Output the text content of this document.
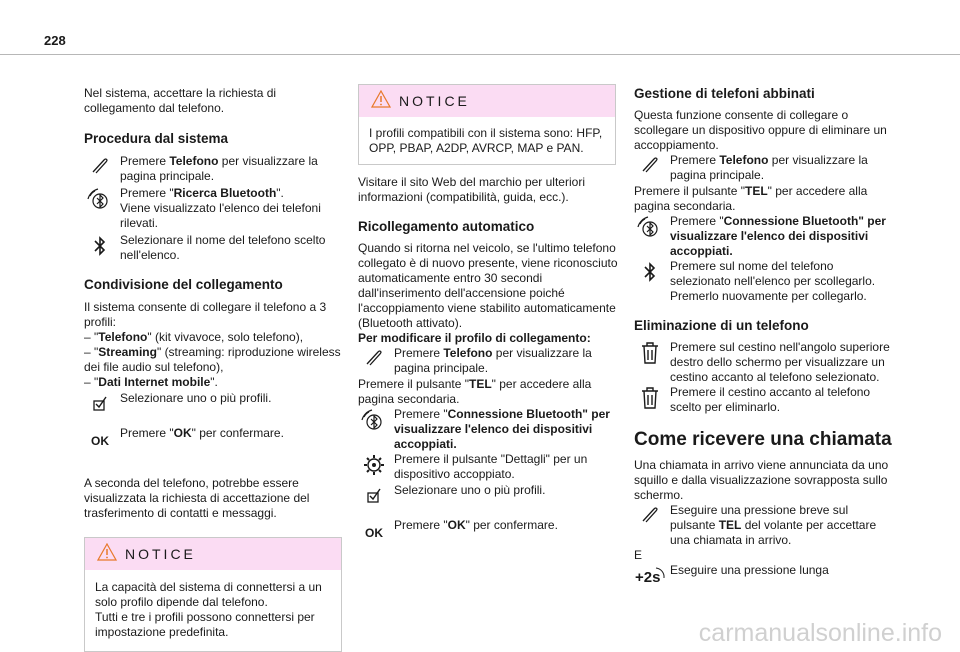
228

Nel sistema, accettare la richiesta di collegamento dal telefono.

Procedura dal sistema
Premere Telefono per visualizzare la pagina principale.
Premere "Ricerca Bluetooth".
Viene visualizzato l'elenco dei telefoni rilevati.
Selezionare il nome del telefono scelto nell'elenco.
Condivisione del collegamento

Il sistema consente di collegare il telefono a 3 profili:

– "Telefono" (kit vivavoce, solo telefono),

– "Streaming" (streaming: riproduzione wireless dei file audio sul telefono),

– "Dati Internet mobile".

Selezionare uno o più profili.
OK
Premere "OK" per confermare.

A seconda del telefono, potrebbe essere visualizzata la richiesta di accettazione del trasferimento di contatti e messaggi.

NOTICE

La capacità del sistema di connettersi a un solo profilo dipende dal telefono.

Tutti e tre i profili possono connettersi per impostazione predefinita.

NOTICE
I profili compatibili con il sistema sono: HFP, OPP, PBAP, A2DP, AVRCP, MAP e PAN.

Visitare il sito Web del marchio per ulteriori informazioni (compatibilità, guida, ecc.).

Ricollegamento automatico

Quando si ritorna nel veicolo, se l'ultimo telefono collegato è di nuovo presente, viene riconosciuto automaticamente entro 30 secondi dall'inserimento dell'accensione poiché l'accoppiamento viene stabilito automaticamente (Bluetooth attivato).

Per modificare il profilo di collegamento:

Premere Telefono per visualizzare la pagina principale.

Premere il pulsante "TEL" per accedere alla pagina secondaria.

Premere "Connessione Bluetooth" per visualizzare l'elenco dei dispositivi accoppiati.
Premere il pulsante "Dettagli" per un dispositivo accoppiato.
Selezionare uno o più profili.
OK
Premere "OK" per confermare.
Gestione di telefoni abbinati

Questa funzione consente di collegare o scollegare un dispositivo oppure di eliminare un accoppiamento.

Premere Telefono per visualizzare la pagina principale.

Premere il pulsante "TEL" per accedere alla pagina secondaria.

Premere "Connessione Bluetooth" per visualizzare l'elenco dei dispositivi accoppiati.
Premere sul nome del telefono selezionato nell'elenco per scollegarlo. Premerlo nuovamente per collegarlo.
Eliminazione di un telefono
Premere sul cestino nell'angolo superiore destro dello schermo per visualizzare un cestino accanto al telefono selezionato.
Premere il cestino accanto al telefono scelto per eliminarlo.
Come ricevere una chiamata

Una chiamata in arrivo viene annunciata da uno squillo e dalla visualizzazione sovrapposta sullo schermo.

Eseguire una pressione breve sul pulsante TEL del volante per accettare una chiamata in arrivo.

E

+2s Eseguire una pressione lunga
carmanualsonline.info
